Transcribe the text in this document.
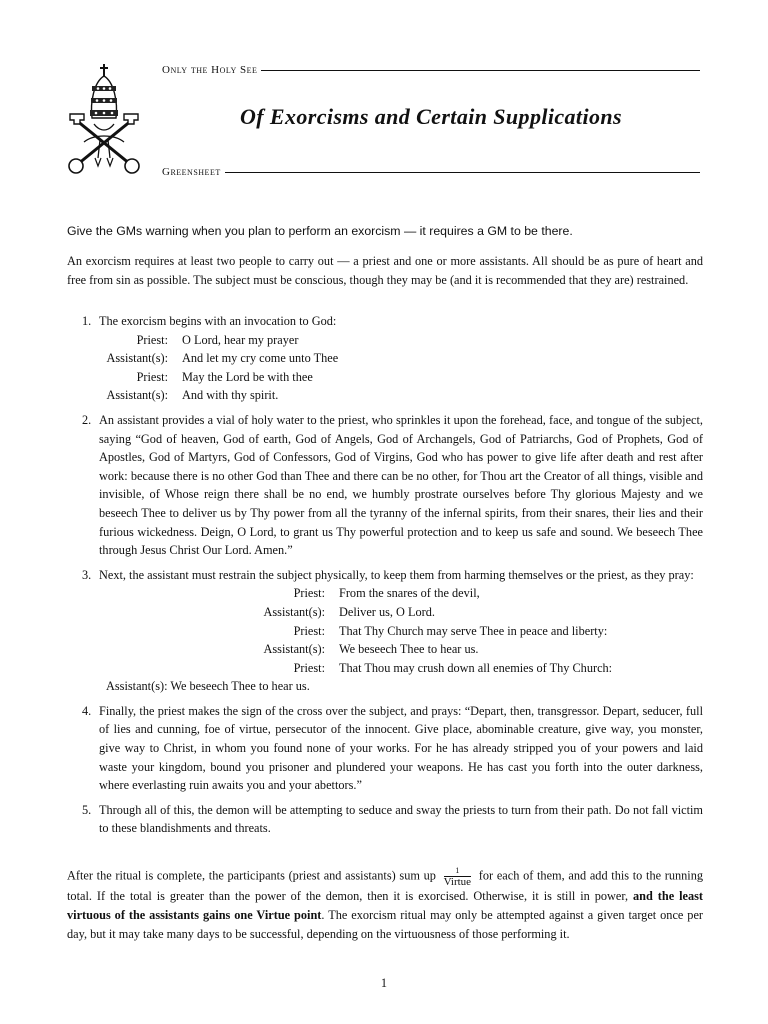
Only the Holy See
Of Exorcisms and Certain Supplications
Greensheet
Give the GMs warning when you plan to perform an exorcism — it requires a GM to be there.
An exorcism requires at least two people to carry out — a priest and one or more assistants. All should be as pure of heart and free from sin as possible. The subject must be conscious, though they may be (and it is recommended that they are) restrained.
1. The exorcism begins with an invocation to God:

Priest:	O Lord, hear my prayer
Assistant(s):	And let my cry come unto Thee
Priest:	May the Lord be with thee
Assistant(s):	And with thy spirit.
2. An assistant provides a vial of holy water to the priest, who sprinkles it upon the forehead, face, and tongue of the subject, saying “God of heaven, God of earth, God of Angels, God of Archangels, God of Patriarchs, God of Prophets, God of Apostles, God of Martyrs, God of Confessors, God of Virgins, God who has power to give life after death and rest after work: because there is no other God than Thee and there can be no other, for Thou art the Creator of all things, visible and invisible, of Whose reign there shall be no end, we humbly prostrate ourselves before Thy glorious Majesty and we beseech Thee to deliver us by Thy power from all the tyranny of the infernal spirits, from their snares, their lies and their furious wickedness. Deign, O Lord, to grant us Thy powerful protection and to keep us safe and sound. We beseech Thee through Jesus Christ Our Lord. Amen.”

3. Next, the assistant must restrain the subject physically, to keep them from harming themselves or the priest, as they pray:

Priest:	From the snares of the devil,
Assistant(s):	Deliver us, O Lord.
Priest:	That Thy Church may serve Thee in peace and liberty:
Assistant(s):	We beseech Thee to hear us.
Priest:	That Thou may crush down all enemies of Thy Church:
Assistant(s): We beseech Thee to hear us.
4. Finally, the priest makes the sign of the cross over the subject, and prays: “Depart, then, transgressor. Depart, seducer, full of lies and cunning, foe of virtue, persecutor of the innocent. Give place, abominable creature, give way, you monster, give way to Christ, in whom you found none of your works. For he has already stripped you of your powers and laid waste your kingdom, bound you prisoner and plundered your weapons. He has cast you forth into the outer darkness, where everlasting ruin awaits you and your abettors.”

5. Through all of this, the demon will be attempting to seduce and sway the priests to turn from their path. Do not fall victim to these blandishments and threats.

After the ritual is complete, the participants (priest and assistants) sum up $\frac{1}{\text{Virtue}}$ for each of them, and add this to the running total. If the total is greater than the power of the demon, then it is exorcised. Otherwise, it is still in power, and the least virtuous of the assistants gains one Virtue point. The exorcism ritual may only be attempted against a given target once per day, but it may take many days to be successful, depending on the virtuousness of those performing it.
1
